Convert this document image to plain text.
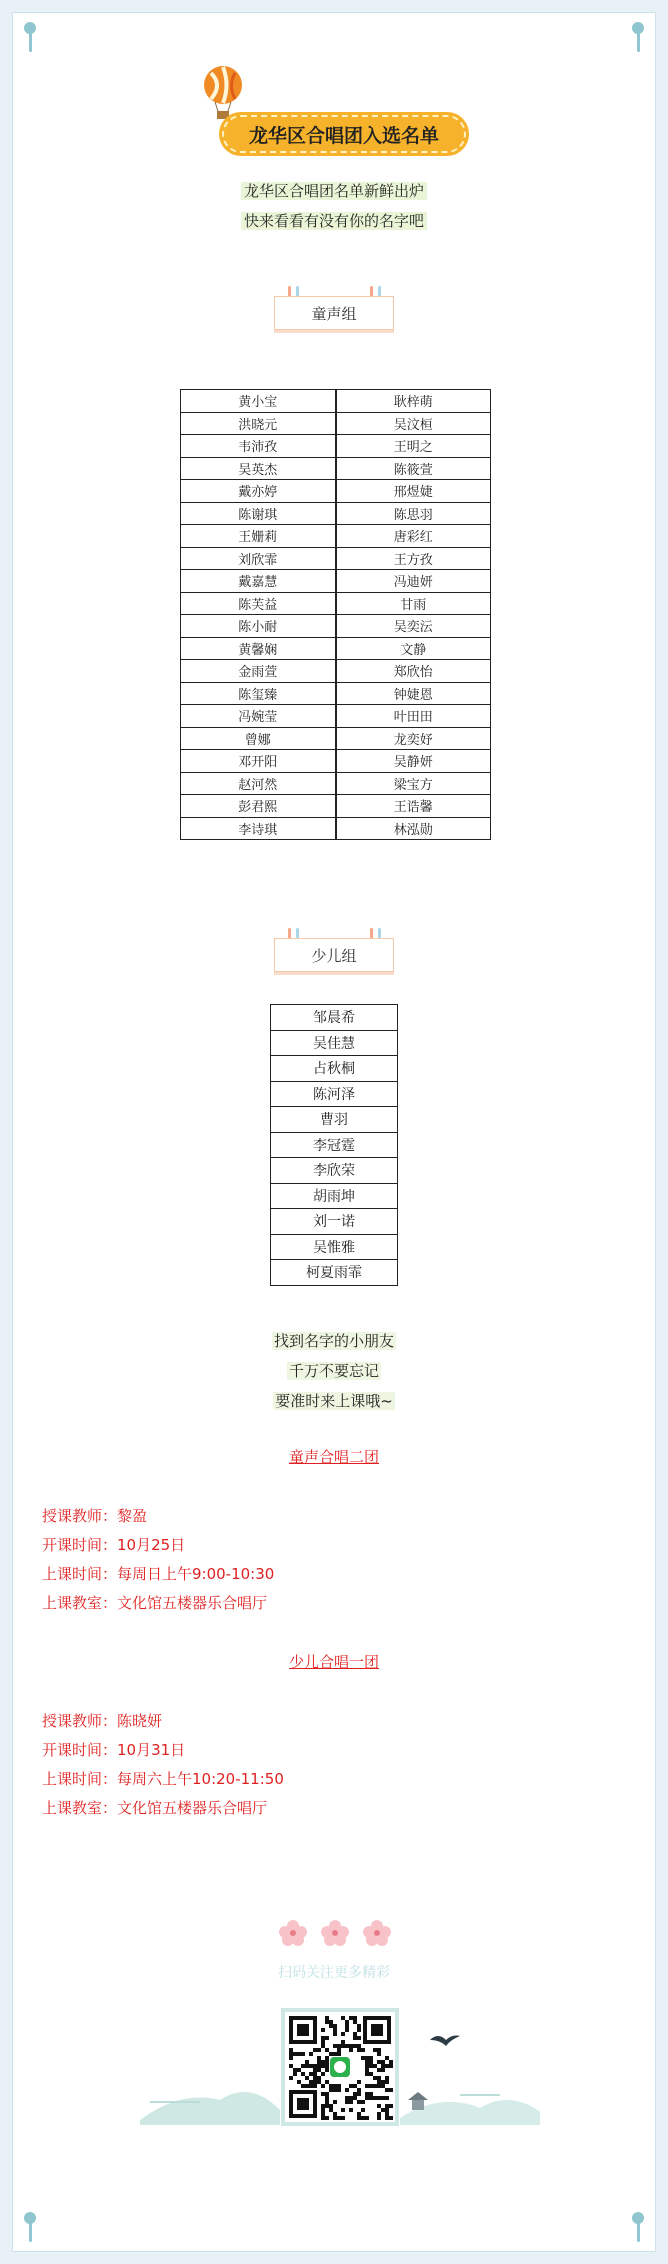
龙华区合唱团入选名单
龙华区合唱团名单新鲜出炉
快来看看有没有你的名字吧
童声组
黄小宝	耿梓萌
洪晓元	吴汶桓
韦沛孜	王明之
吴英杰	陈筱萱
戴亦婷	邢煜婕
陈谢琪	陈思羽
王姗莉	唐彩红
刘欣霏	王方孜
戴嘉慧	冯迪妍
陈芙益	甘雨
陈小耐	吴奕沄
黄馨娴	文静
金雨萱	郑欣怡
陈玺臻	钟婕恩
冯婉莹	叶田田
曾娜	龙奕妤
邓开阳	吴静妍
赵河然	梁宝方
彭君熙	王诰馨
李诗琪	林泓勋
少儿组
邹晨希
吴佳慧
占秋桐
陈河泽
曹羽
李冠霆
李欣荣
胡雨坤
刘一诺
吴惟雅
柯夏雨霏
找到名字的小朋友
千万不要忘记
要准时来上课哦~
童声合唱二团
授课教师：黎盈
开课时间：10月25日
上课时间：每周日上午9:00-10:30
上课教室：文化馆五楼器乐合唱厅
少儿合唱一团
授课教师：陈晓妍
开课时间：10月31日
上课时间：每周六上午10:20-11:50
上课教室：文化馆五楼器乐合唱厅
扫码关注更多精彩
